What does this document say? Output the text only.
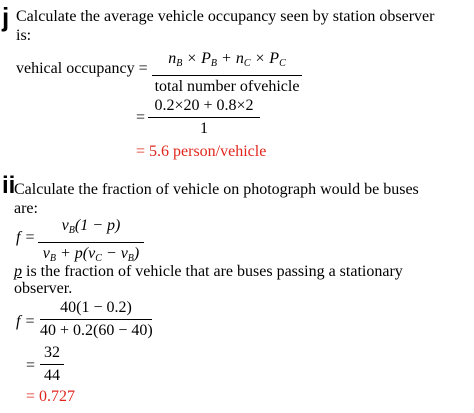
j Calculate the average vehicle occupancy seen by station observer
is:
vehical occupancy =
$n_B \times P_B + n_C \times P_C$
total number ofvehicle
=
0.2×20 + 0.8×2
1
= 5.6 person/vehicle
ii
Calculate the fraction of vehicle on photograph would be buses
are:
f =
$v_B(1 - p)$
$v_B + p(v_C - v_B)$
p is the fraction of vehicle that are buses passing a stationary
observer.
f =
40(1 − 0.2)
40 + 0.2(60 − 40)
=
32
44
= 0.727
